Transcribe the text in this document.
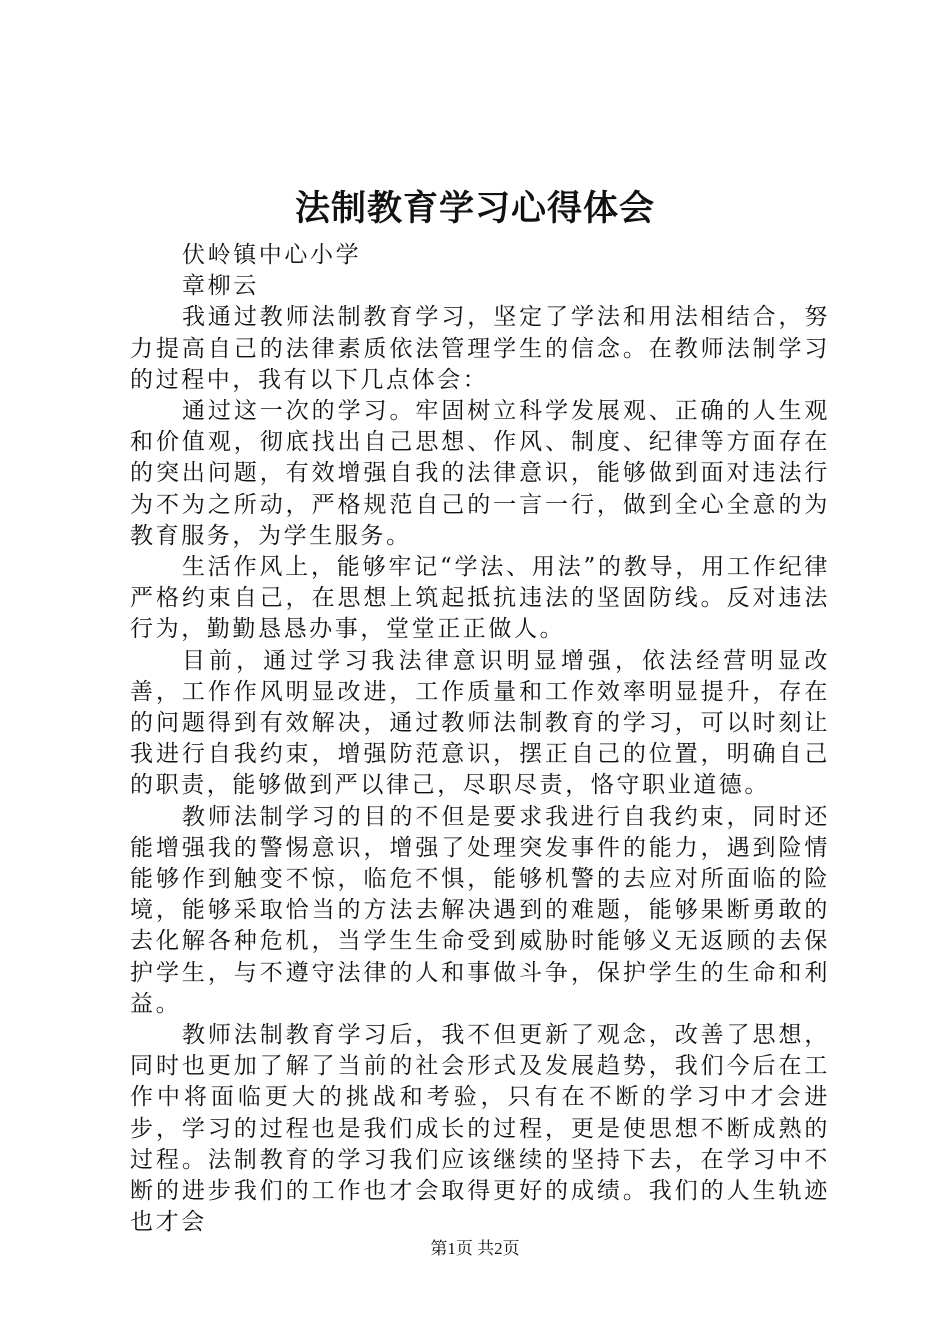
法制教育学习心得体会

伏岭镇中心小学

章柳云

我通过教师法制教育学习，坚定了学法和用法相结合，努力提高自己的法律素质依法管理学生的信念。在教师法制学习的过程中，我有以下几点体会：

通过这一次的学习。牢固树立科学发展观、正确的人生观和价值观，彻底找出自己思想、作风、制度、纪律等方面存在的突出问题，有效增强自我的法律意识，能够做到面对违法行为不为之所动，严格规范自己的一言一行，做到全心全意的为教育服务，为学生服务。

生活作风上，能够牢记“学法、用法”的教导，用工作纪律严格约束自己，在思想上筑起抵抗违法的坚固防线。反对违法行为，勤勤恳恳办事，堂堂正正做人。

目前，通过学习我法律意识明显增强，依法经营明显改善，工作作风明显改进，工作质量和工作效率明显提升，存在的问题得到有效解决，通过教师法制教育的学习，可以时刻让我进行自我约束，增强防范意识，摆正自己的位置，明确自己的职责，能够做到严以律己，尽职尽责，恪守职业道德。

教师法制学习的目的不但是要求我进行自我约束，同时还能增强我的警惕意识，增强了处理突发事件的能力，遇到险情能够作到触变不惊，临危不惧，能够机警的去应对所面临的险境，能够采取恰当的方法去解决遇到的难题，能够果断勇敢的去化解各种危机，当学生生命受到威胁时能够义无返顾的去保护学生，与不遵守法律的人和事做斗争，保护学生的生命和利益。

教师法制教育学习后，我不但更新了观念，改善了思想，同时也更加了解了当前的社会形式及发展趋势，我们今后在工作中将面临更大的挑战和考验，只有在不断的学习中才会进步，学习的过程也是我们成长的过程，更是使思想不断成熟的过程。法制教育的学习我们应该继续的坚持下去，在学习中不断的进步我们的工作也才会取得更好的成绩。我们的人生轨迹也才会

第1页 共2页
